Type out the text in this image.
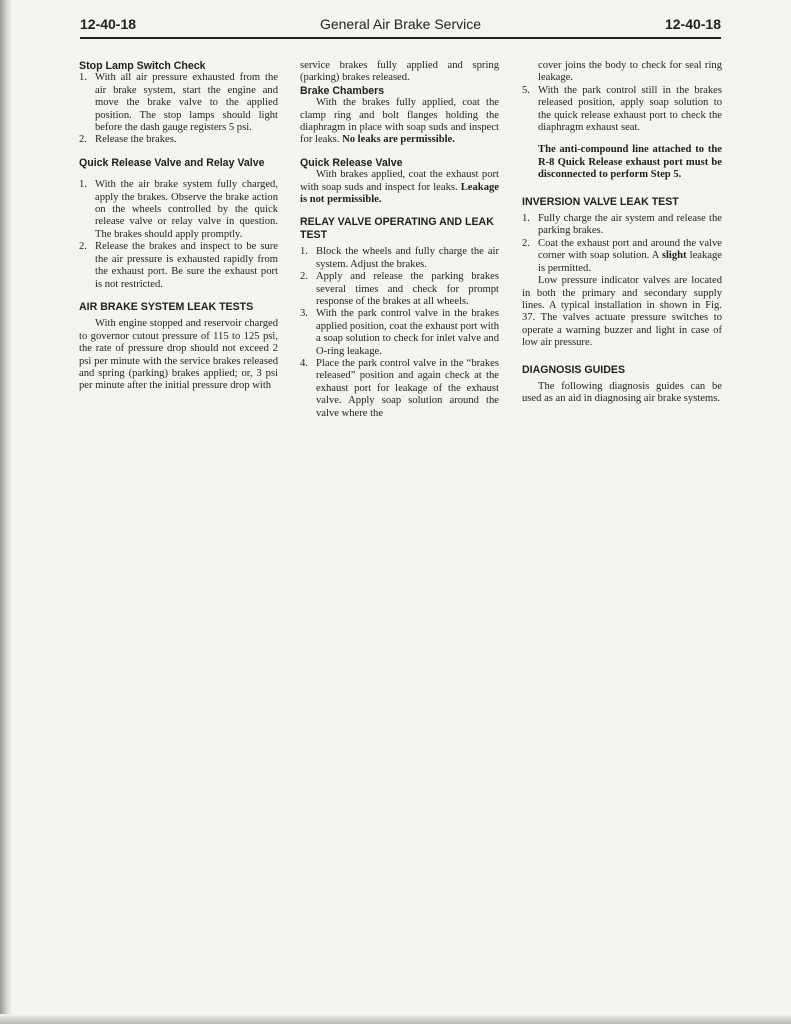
12-40-18	General Air Brake Service	12-40-18
Stop Lamp Switch Check
1. With all air pressure exhausted from the air brake system, start the engine and move the brake valve to the applied position. The stop lamps should light before the dash gauge registers 5 psi.
2. Release the brakes.
Quick Release Valve and Relay Valve
1. With the air brake system fully charged, apply the brakes. Observe the brake action on the wheels controlled by the quick release valve or relay valve in question. The brakes should apply promptly.
2. Release the brakes and inspect to be sure the air pressure is exhausted rapidly from the exhaust port. Be sure the exhaust port is not restricted.
AIR BRAKE SYSTEM LEAK TESTS

With engine stopped and reservoir charged to governor cutout pressure of 115 to 125 psi, the rate of pressure drop should not exceed 2 psi per minute with the service brakes released and spring (parking) brakes applied; or, 3 psi per minute after the initial pressure drop with

service brakes fully applied and spring (parking) brakes released.

Brake Chambers

With the brakes fully applied, coat the clamp ring and bolt flanges holding the diaphragm in place with soap suds and inspect for leaks. No leaks are permissible.

Quick Release Valve

With brakes applied, coat the exhaust port with soap suds and inspect for leaks. Leakage is not permissible.

RELAY VALVE OPERATING AND LEAK TEST
1. Block the wheels and fully charge the air system. Adjust the brakes.
2. Apply and release the parking brakes several times and check for prompt response of the brakes at all wheels.
3. With the park control valve in the brakes applied position, coat the exhaust port with a soap solution to check for inlet valve and O-ring leakage.
4. Place the park control valve in the “brakes released” position and again check at the exhaust port for leakage of the exhaust valve. Apply soap solution around the valve where the

cover joins the body to check for seal ring leakage.

5. With the park control still in the brakes released position, apply soap solution to the quick release exhaust port to check the diaphragm exhaust seat.

The anti-compound line attached to the R-8 Quick Release exhaust port must be disconnected to perform Step 5.

INVERSION VALVE LEAK TEST
1. Fully charge the air system and release the parking brakes.
2. Coat the exhaust port and around the valve corner with soap solution. A slight leakage is permitted.

Low pressure indicator valves are located in both the primary and secondary supply lines. A typical installation in shown in Fig. 37. The valves actuate pressure switches to operate a warning buzzer and light in case of low air pressure.

DIAGNOSIS GUIDES

The following diagnosis guides can be used as an aid in diagnosing air brake systems.
